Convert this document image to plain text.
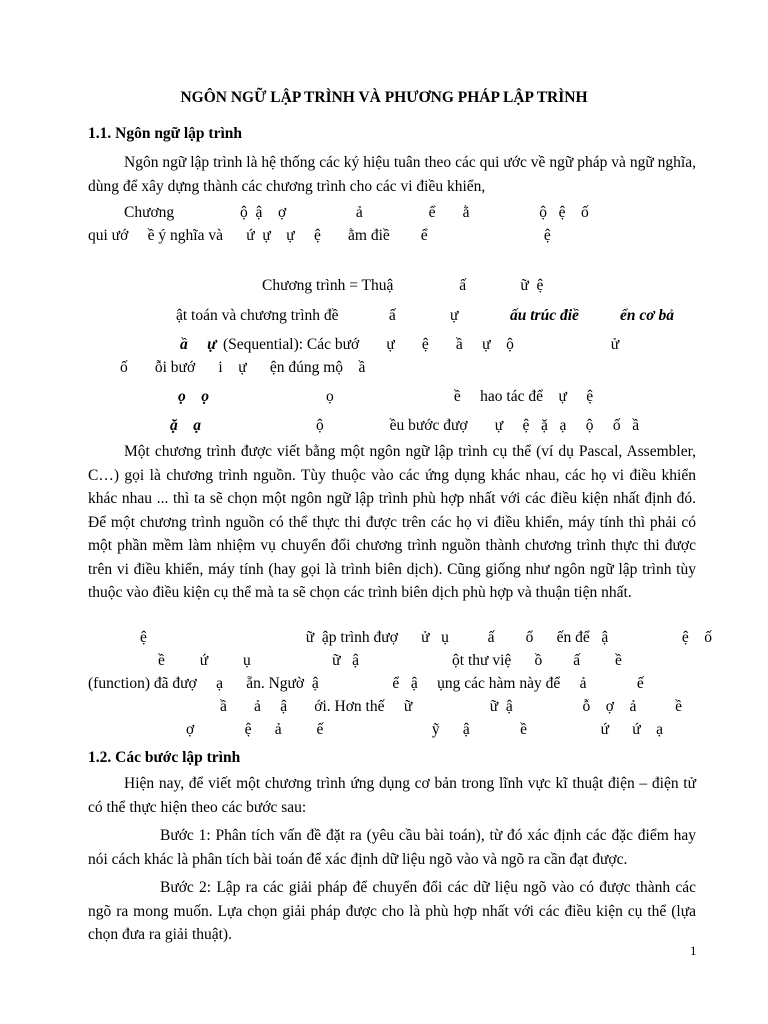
NGÔN NGỮ LẬP TRÌNH VÀ PHƯƠNG PHÁP LẬP TRÌNH
1.1. Ngôn ngữ lập trình
Ngôn ngữ lập trình là hệ thống các ký hiệu tuân theo các qui ước về ngữ pháp và ngữ nghĩa, dùng để xây dựng thành các chương trình cho các vi điều khiển,
Chương                 ộ  ậ    ợ                  ả                 ể       ằ                  ộ   ệ    ố
qui ướ     ề ý nghĩa và      ứ  ự    ự     ệ       ằm điề        ể                              ệ
Chương trình = Thuậ                 ấ              ữ  ệ
ật toán và chương trình đề             ấ              ự	ấu trúc điề	ển cơ bả
ầ     ự (Sequential): Các bướ       ự       ệ       ầ     ự    ộ                         ử
ố       ỗi bướ      i    ự      ện đúng mộ    ầ
ọ    ọ	ọ                               ề     hao tác để    ự     ệ
ặ    ạ	ộ                 ều bước đượ       ự     ệ   ặ   ạ     ộ     ố   ầ
Một chương trình được viết bằng một ngôn ngữ lập trình cụ thể (ví dụ Pascal, Assembler, C…) gọi là chương trình nguồn. Tùy thuộc vào các ứng dụng khác nhau, các họ vi điều khiển khác nhau ... thì ta sẽ chọn một ngôn ngữ lập trình phù hợp nhất với các điều kiện nhất định đó. Để một chương trình nguồn có thể thực thi được trên các họ vi điều khiển, máy tính thì phải có một phần mềm làm nhiệm vụ chuyển đổi chương trình nguồn thành chương trình thực thi được trên vi điều khiển, máy tính (hay gọi là trình biên dịch). Cũng giống như ngôn ngữ lập trình tùy thuộc vào điều kiện cụ thể mà ta sẽ chọn các trình biên dịch phù hợp và thuận tiện nhất.
ệ                                         ữ  ập trình đượ      ử   ụ          ấ        ổ      ến để   ậ                   ệ    ố
ề         ứ         ụ                     ữ   ậ                        ột thư việ      ồ        ấ         ề
(function) đã đượ     ạ      ẵn. Ngườ  ậ                   ể   ậ     ụng các hàm này để     ả             ế
ầ       ả     ậ       ới. Hơn thế     ữ                    ữ  ậ                  ỗ    ợ    ả          ề
ợ             ệ      ả         ế                            ỹ      ậ             ề                   ứ      ứ    ạ
1.2. Các bước lập trình
Hiện nay, để viết một chương trình ứng dụng cơ bản trong lĩnh vực kĩ thuật điện – điện tử có thể thực hiện theo các bước sau:
Bước 1: Phân tích vấn đề đặt ra (yêu cầu bài toán), từ đó xác định các đặc điểm hay nói cách khác là phân tích bài toán để xác định dữ liệu ngõ vào và ngõ ra cần đạt được.
Bước 2: Lập ra các giải pháp để chuyển đổi các dữ liệu ngõ vào có được thành các ngõ ra mong muốn. Lựa chọn giải pháp được cho là phù hợp nhất với các điều kiện cụ thể (lựa chọn đưa ra giải thuật).
1
